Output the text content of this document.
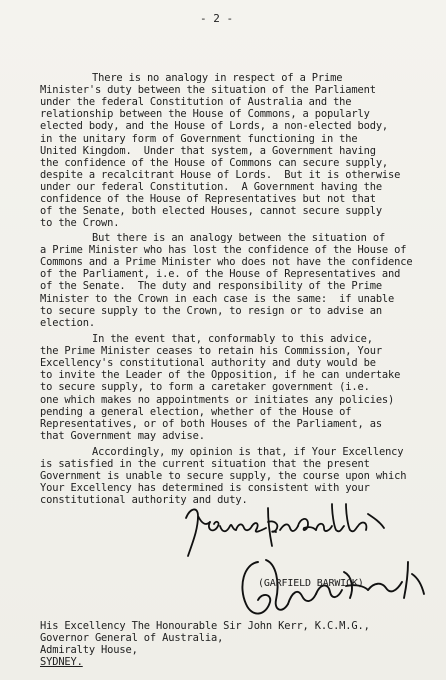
- 2 -
There is no analogy in respect of a Prime
Minister's duty between the situation of the Parliament
under the federal Constitution of Australia and the
relationship between the House of Commons, a popularly
elected body, and the House of Lords, a non-elected body,
in the unitary form of Government functioning in the
United Kingdom.  Under that system, a Government having
the confidence of the House of Commons can secure supply,
despite a recalcitrant House of Lords.  But it is otherwise
under our federal Constitution.  A Government having the
confidence of the House of Representatives but not that
of the Senate, both elected Houses, cannot secure supply
to the Crown.
But there is an analogy between the situation of
a Prime Minister who has lost the confidence of the House of
Commons and a Prime Minister who does not have the confidence
of the Parliament, i.e. of the House of Representatives and
of the Senate.  The duty and responsibility of the Prime
Minister to the Crown in each case is the same:  if unable
to secure supply to the Crown, to resign or to advise an
election.
In the event that, conformably to this advice,
the Prime Minister ceases to retain his Commission, Your
Excellency's constitutional authority and duty would be
to invite the Leader of the Opposition, if he can undertake
to secure supply, to form a caretaker government (i.e.
one which makes no appointments or initiates any policies)
pending a general election, whether of the House of
Representatives, or of both Houses of the Parliament, as
that Government may advise.
Accordingly, my opinion is that, if Your Excellency
is satisfied in the current situation that the present
Government is unable to secure supply, the course upon which
Your Excellency has determined is consistent with your
constitutional authority and duty.
(GARFIELD BARWICK)
His Excellency The Honourable Sir John Kerr, K.C.M.G.,
Governor General of Australia,
Admiralty House,
SYDNEY.
